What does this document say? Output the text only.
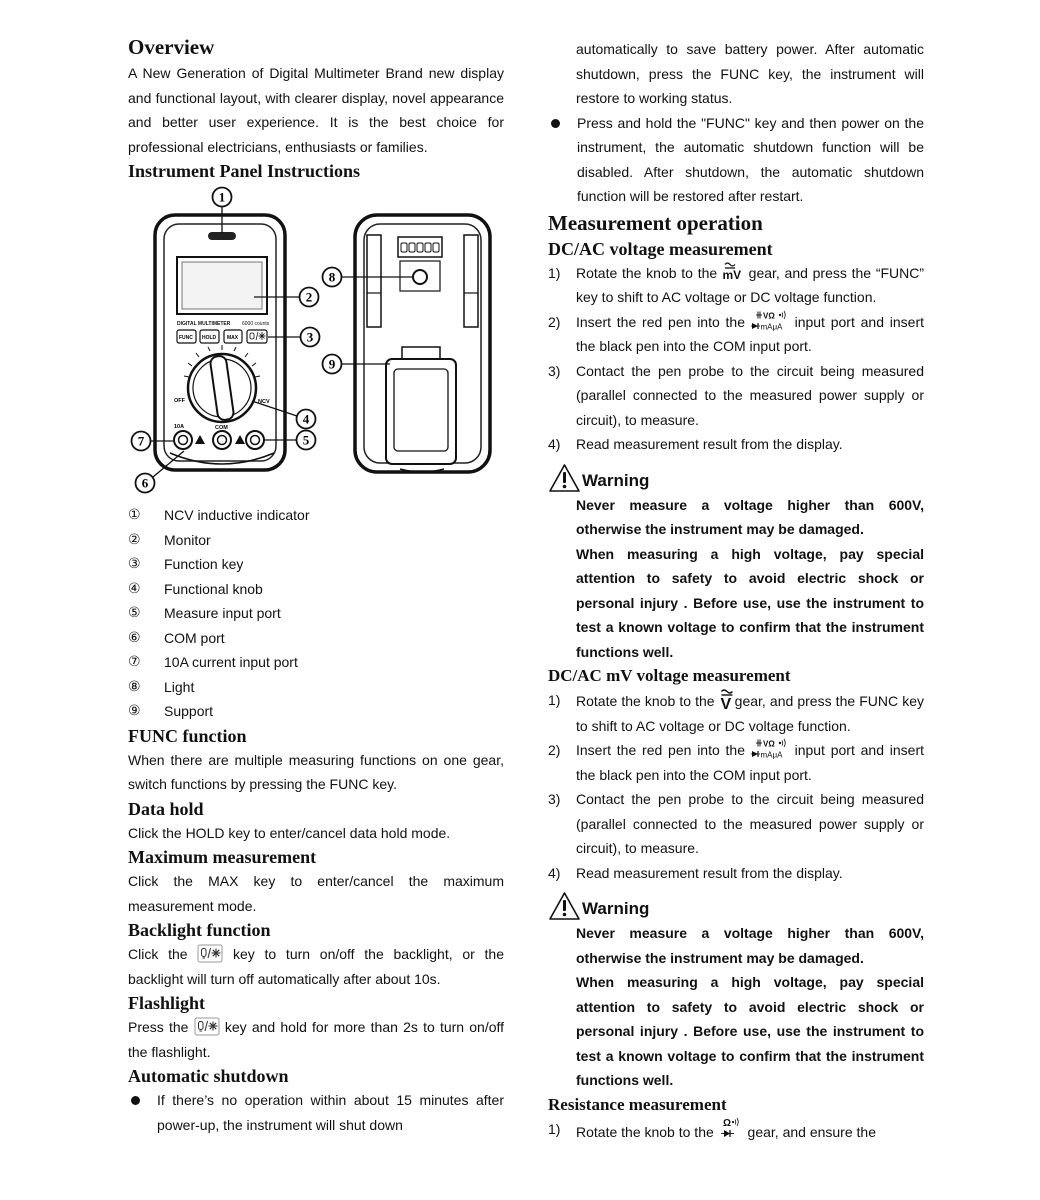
Overview

A New Generation of Digital Multimeter Brand new display and functional layout, with clearer display, novel appearance and better user experience. It is the best choice for professional electricians, enthusiasts or families.

Instrument Panel Instructions
DIGITAL MULTIMETER 6000 counts
FUNC HOLD MAX
OFF	NCV
10A	COM
1
2
3
4
5
6
7
8
9
①	NCV inductive indicator
②	Monitor
③	Function key
④	Functional knob
⑤	Measure input port
⑥	COM port
⑦	10A current input port
⑧	Light
⑨	Support
FUNC function

When there are multiple measuring functions on one gear, switch functions by pressing the FUNC key.

Data hold

Click the HOLD key to enter/cancel data hold mode.

Maximum measurement

Click the MAX key to enter/cancel the maximum measurement mode.

Backlight function

Click the	key to turn on/off the backlight, or the backlight will turn off automatically after about 10s.

Flashlight

Press the	key and hold for more than 2s to turn on/off the flashlight.

Automatic shutdown
If there’s no operation within about 15 minutes after power-up, the instrument will shut down

automatically to save battery power. After automatic shutdown, press the FUNC key, the instrument will restore to working status.

Press and hold the "FUNC" key and then power on the instrument, the automatic shutdown function will be disabled. After shutdown, the automatic shutdown function will be restored after restart.
Measurement operation
DC/AC voltage measurement
1)	Rotate the knob to the mV gear, and press the “FUNC” key to shift to AC voltage or DC voltage function.
2)	Insert the red pen into the VΩ
mAμA input port and insert the black pen into the COM input port.
3)	Contact the pen probe to the circuit being measured (parallel connected to the measured power supply or circuit), to measure.
4)	Read measurement result from the display.
Warning

Never measure a voltage higher than 600V, otherwise the instrument may be damaged.

When measuring a high voltage, pay special attention to safety to avoid electric shock or personal injury . Before use, use the instrument to test a known voltage to confirm that the instrument functions well.

DC/AC mV voltage measurement
1)	Rotate the knob to the V gear, and press the FUNC key to shift to AC voltage or DC voltage function.
2)	Insert the red pen into the VΩ
mAμA input port and insert the black pen into the COM input port.
3)	Contact the pen probe to the circuit being measured (parallel connected to the measured power supply or circuit), to measure.
4)	Read measurement result from the display.
Warning

Never measure a voltage higher than 600V, otherwise the instrument may be damaged.

When measuring a high voltage, pay special attention to safety to avoid electric shock or personal injury . Before use, use the instrument to test a known voltage to confirm that the instrument functions well.

Resistance measurement
1)	Rotate the knob to the
Ω
gear, and ensure the
